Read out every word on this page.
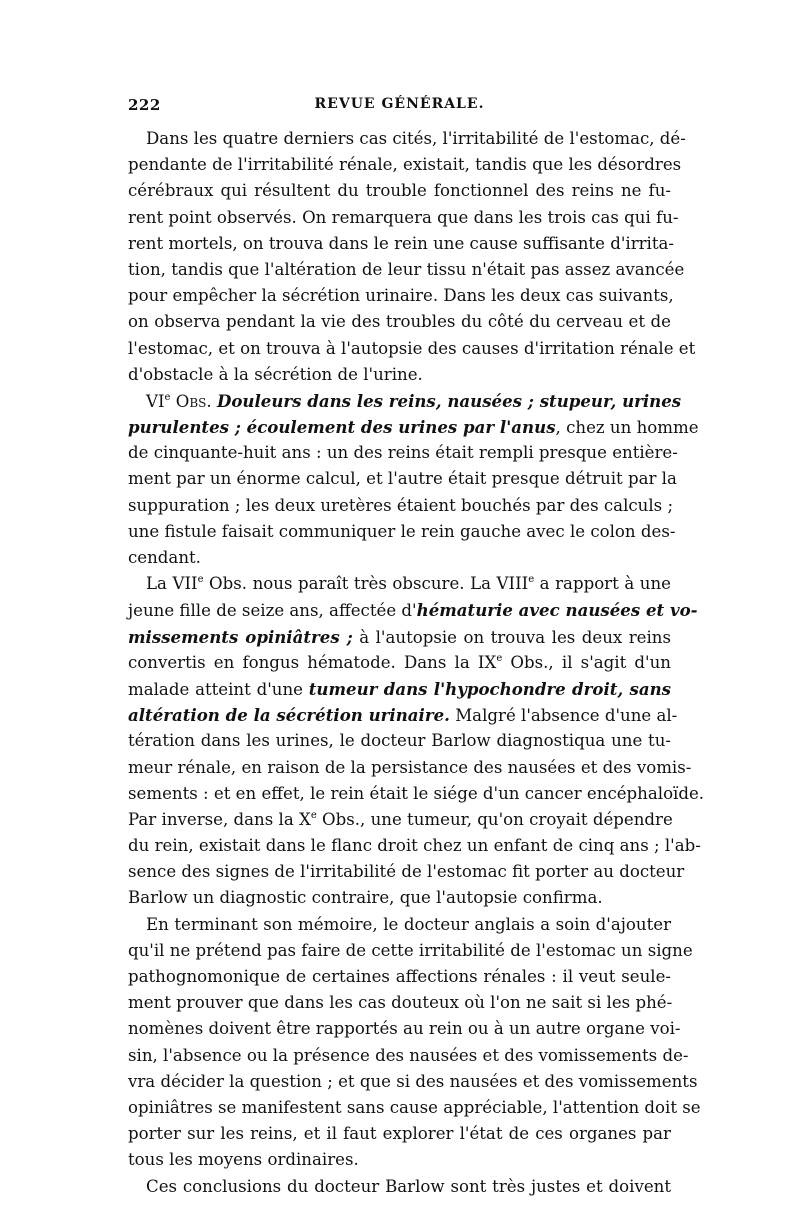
222	REVUE GÉNÉRALE.
Dans les quatre derniers cas cités, l'irritabilité de l'estomac, dé-
pendante de l'irritabilité rénale, existait, tandis que les désordres
cérébraux qui résultent du trouble fonctionnel des reins ne fu-
rent point observés. On remarquera que dans les trois cas qui fu-
rent mortels, on trouva dans le rein une cause suffisante d'irrita-
tion, tandis que l'altération de leur tissu n'était pas assez avancée
pour empêcher la sécrétion urinaire. Dans les deux cas suivants,
on observa pendant la vie des troubles du côté du cerveau et de
l'estomac, et on trouva à l'autopsie des causes d'irritation rénale et
d'obstacle à la sécrétion de l'urine.
VIe Obs. Douleurs dans les reins, nausées ; stupeur, urines
purulentes ; écoulement des urines par l'anus, chez un homme
de cinquante-huit ans : un des reins était rempli presque entière-
ment par un énorme calcul, et l'autre était presque détruit par la
suppuration ; les deux uretères étaient bouchés par des calculs ;
une fistule faisait communiquer le rein gauche avec le colon des-
cendant.
La VIIe Obs. nous paraît très obscure. La VIIIe a rapport à une
jeune fille de seize ans, affectée d'hématurie avec nausées et vo-
missements opiniâtres ; à l'autopsie on trouva les deux reins
convertis en fongus hématode. Dans la IXe Obs., il s'agit d'un
malade atteint d'une tumeur dans l'hypochondre droit, sans
altération de la sécrétion urinaire. Malgré l'absence d'une al-
tération dans les urines, le docteur Barlow diagnostiqua une tu-
meur rénale, en raison de la persistance des nausées et des vomis-
sements : et en effet, le rein était le siége d'un cancer encéphaloïde.
Par inverse, dans la Xe Obs., une tumeur, qu'on croyait dépendre
du rein, existait dans le flanc droit chez un enfant de cinq ans ; l'ab-
sence des signes de l'irritabilité de l'estomac fit porter au docteur
Barlow un diagnostic contraire, que l'autopsie confirma.
En terminant son mémoire, le docteur anglais a soin d'ajouter
qu'il ne prétend pas faire de cette irritabilité de l'estomac un signe
pathognomonique de certaines affections rénales : il veut seule-
ment prouver que dans les cas douteux où l'on ne sait si les phé-
nomènes doivent être rapportés au rein ou à un autre organe voi-
sin, l'absence ou la présence des nausées et des vomissements de-
vra décider la question ; et que si des nausées et des vomissements
opiniâtres se manifestent sans cause appréciable, l'attention doit se
porter sur les reins, et il faut explorer l'état de ces organes par
tous les moyens ordinaires.
Ces conclusions du docteur Barlow sont très justes et doivent
